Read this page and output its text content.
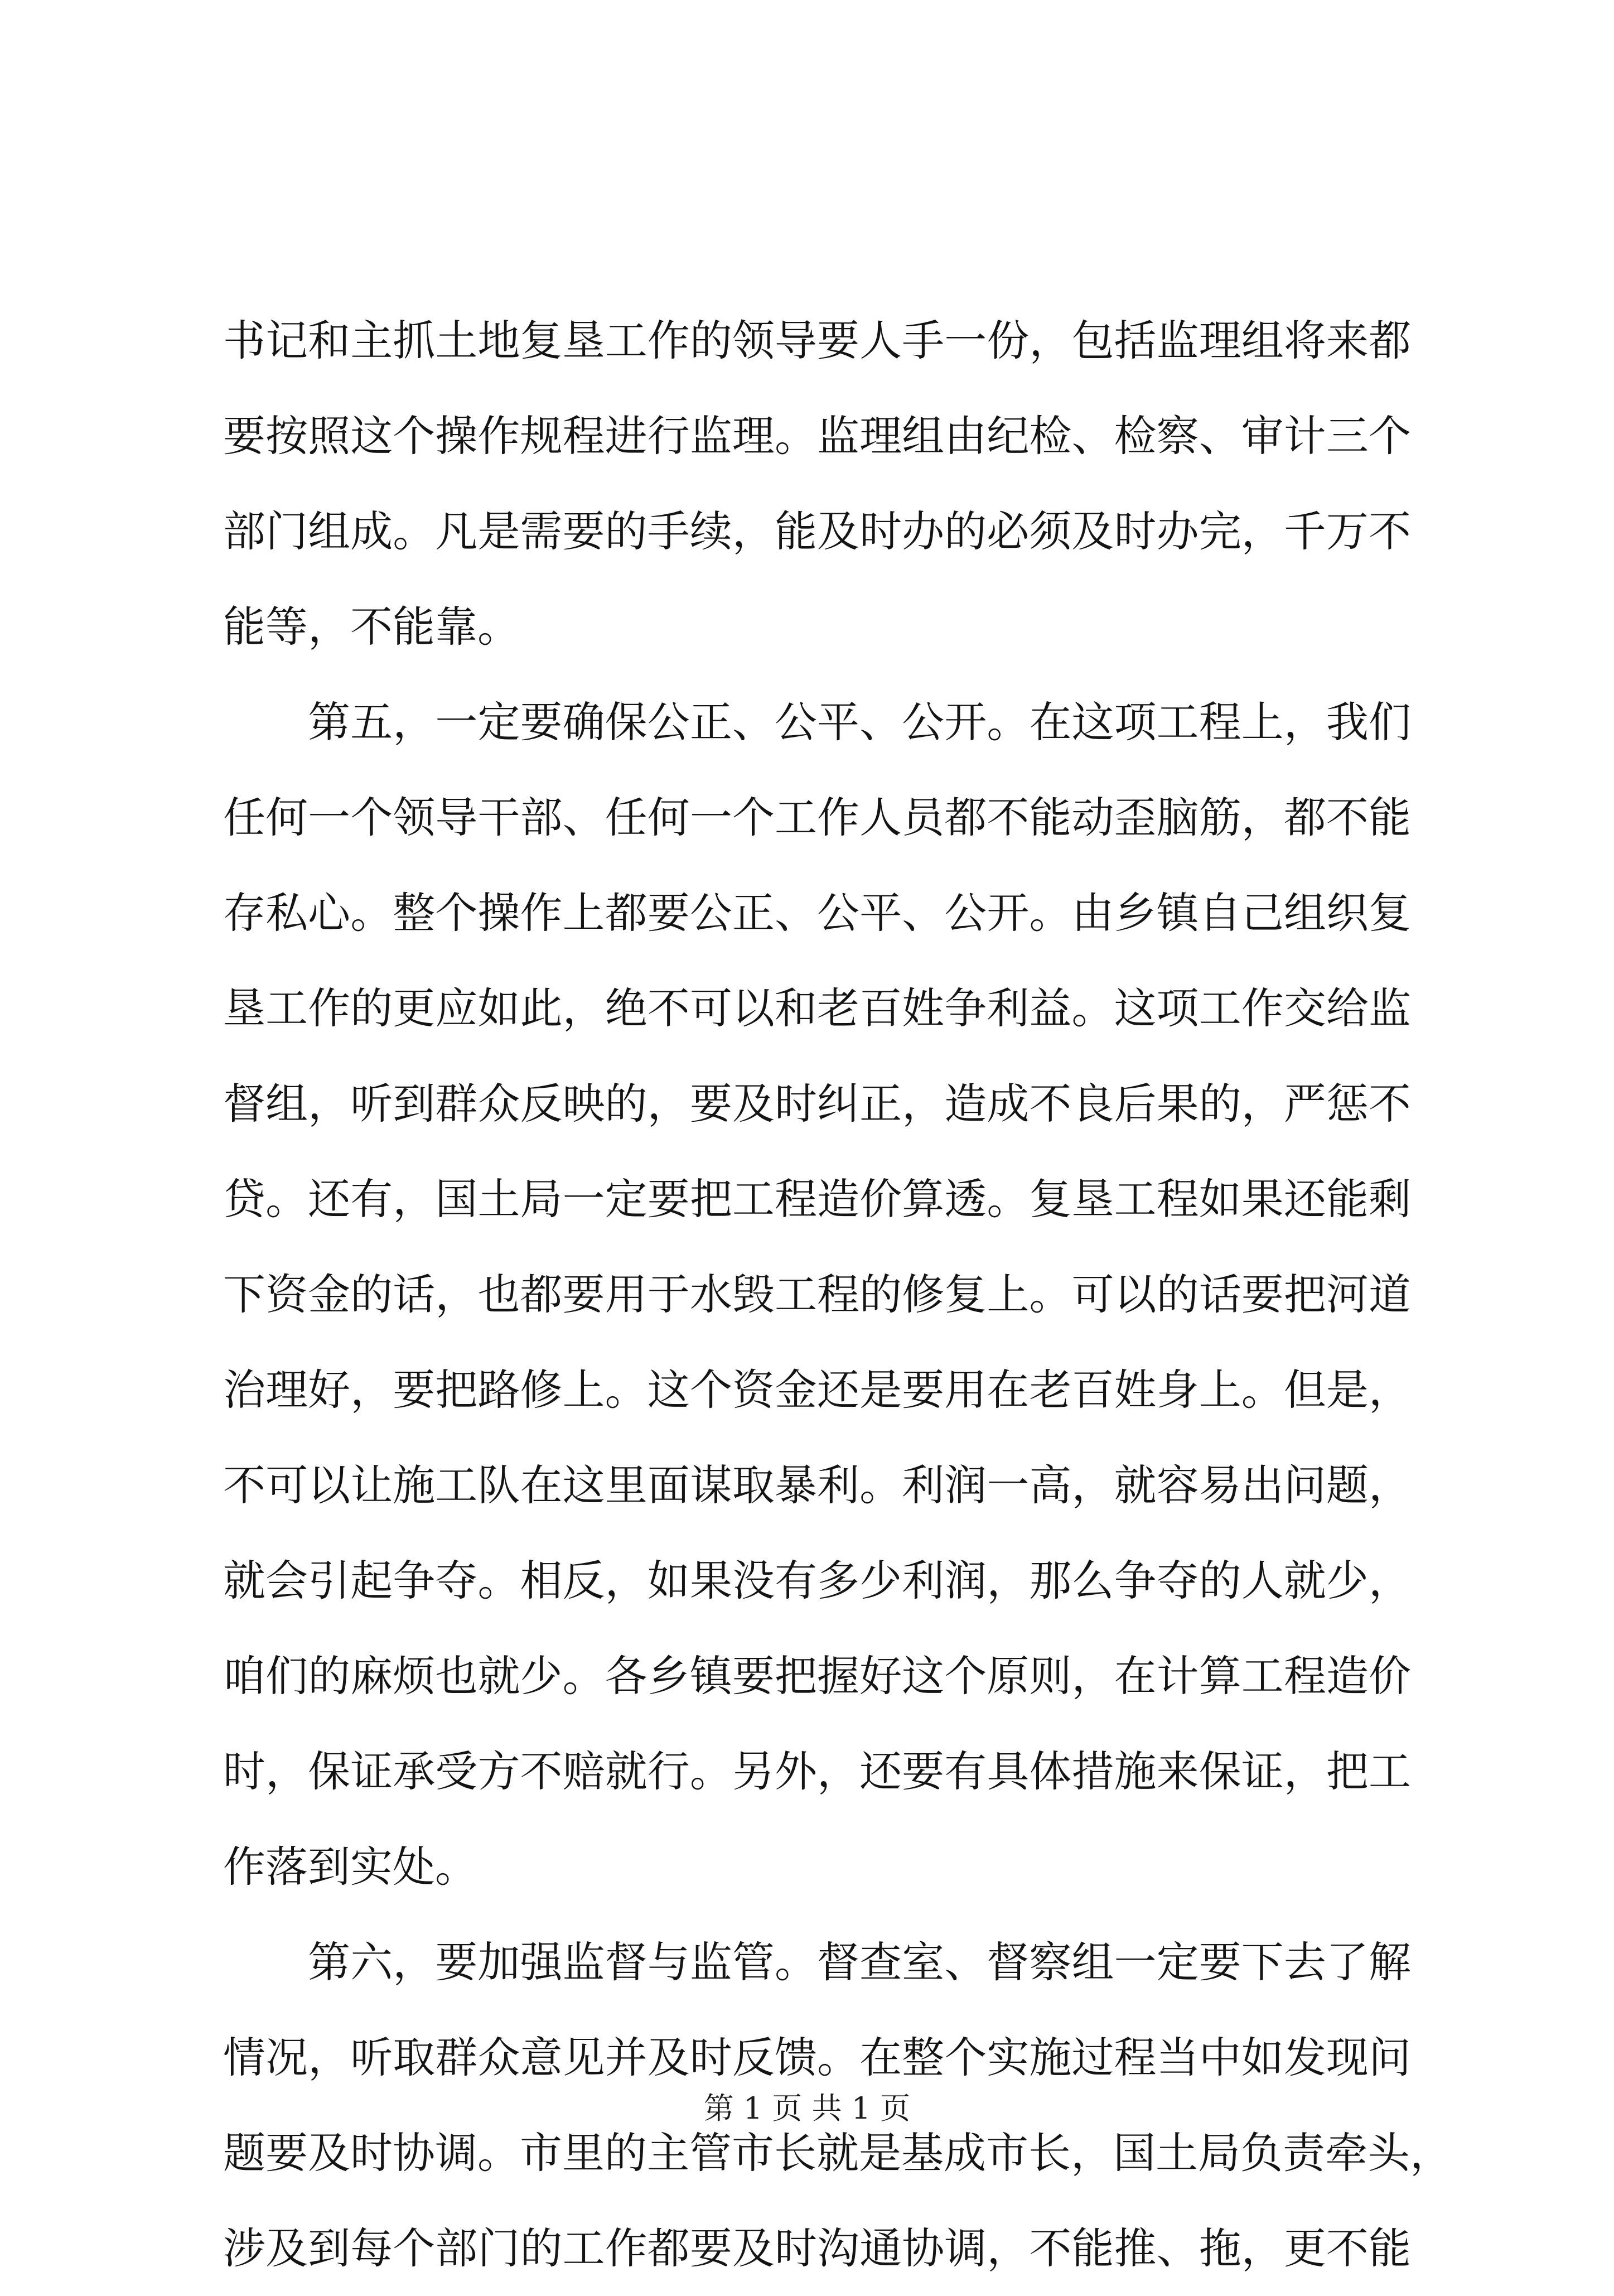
书记和主抓土地复垦工作的领导要人手一份，包括监理组将来都
要按照这个操作规程进行监理。监理组由纪检、检察、审计三个
部门组成。凡是需要的手续，能及时办的必须及时办完，千万不
能等，不能靠。
　　第五，一定要确保公正、公平、公开。在这项工程上，我们
任何一个领导干部、任何一个工作人员都不能动歪脑筋，都不能
存私心。整个操作上都要公正、公平、公开。由乡镇自己组织复
垦工作的更应如此，绝不可以和老百姓争利益。这项工作交给监
督组，听到群众反映的，要及时纠正，造成不良后果的，严惩不
贷。还有，国土局一定要把工程造价算透。复垦工程如果还能剩
下资金的话，也都要用于水毁工程的修复上。可以的话要把河道
治理好，要把路修上。这个资金还是要用在老百姓身上。但是，
不可以让施工队在这里面谋取暴利。利润一高，就容易出问题，
就会引起争夺。相反，如果没有多少利润，那么争夺的人就少，
咱们的麻烦也就少。各乡镇要把握好这个原则，在计算工程造价
时，保证承受方不赔就行。另外，还要有具体措施来保证，把工
作落到实处。
　　第六，要加强监督与监管。督查室、督察组一定要下去了解
情况，听取群众意见并及时反馈。在整个实施过程当中如发现问
题要及时协调。市里的主管市长就是基成市长，国土局负责牵头，
涉及到每个部门的工作都要及时沟通协调，不能推、拖，更不能
第 1 页 共 1 页
